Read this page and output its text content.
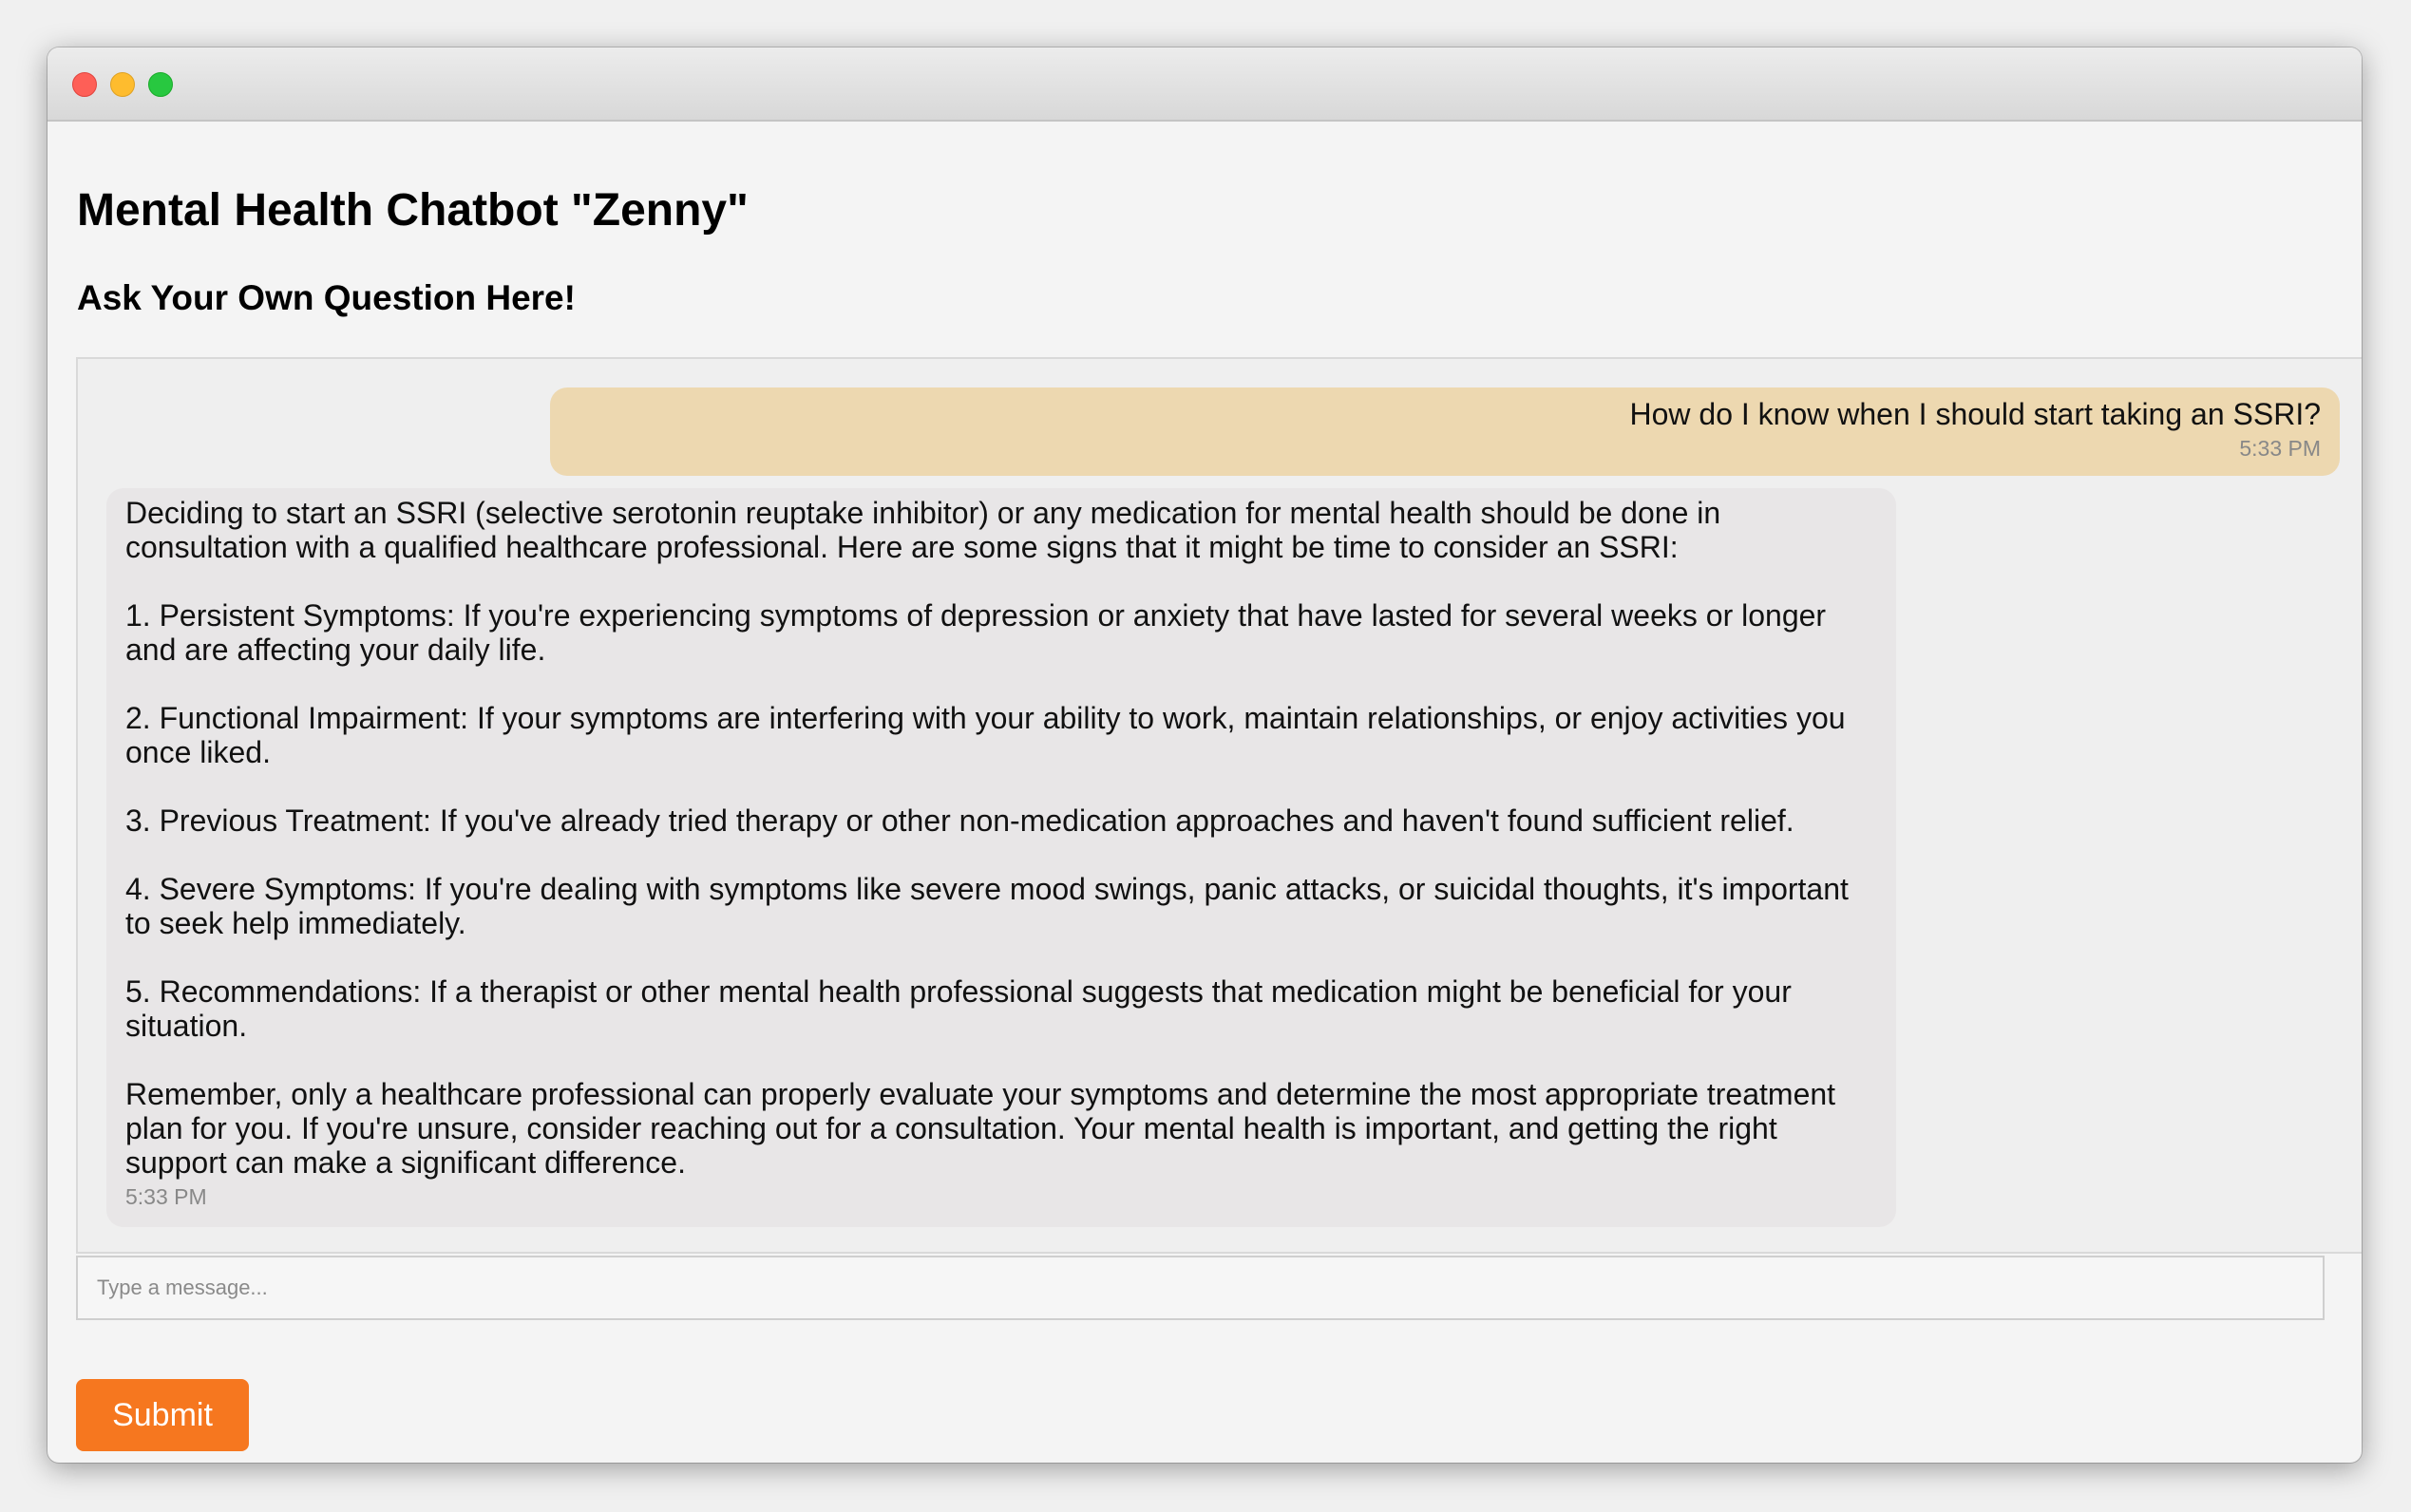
Mental Health Chatbot "Zenny"
Ask Your Own Question Here!
How do I know when I should start taking an SSRI?
5:33 PM
Deciding to start an SSRI (selective serotonin reuptake inhibitor) or any medication for mental health should be done in consultation with a qualified healthcare professional. Here are some signs that it might be time to consider an SSRI:

1. Persistent Symptoms: If you're experiencing symptoms of depression or anxiety that have lasted for several weeks or longer and are affecting your daily life.

2. Functional Impairment: If your symptoms are interfering with your ability to work, maintain relationships, or enjoy activities you once liked.

3. Previous Treatment: If you've already tried therapy or other non-medication approaches and haven't found sufficient relief.

4. Severe Symptoms: If you're dealing with symptoms like severe mood swings, panic attacks, or suicidal thoughts, it's important to seek help immediately.

5. Recommendations: If a therapist or other mental health professional suggests that medication might be beneficial for your situation.

Remember, only a healthcare professional can properly evaluate your symptoms and determine the most appropriate treatment plan for you. If you're unsure, consider reaching out for a consultation. Your mental health is important, and getting the right support can make a significant difference.
5:33 PM
Type a message...
Submit
